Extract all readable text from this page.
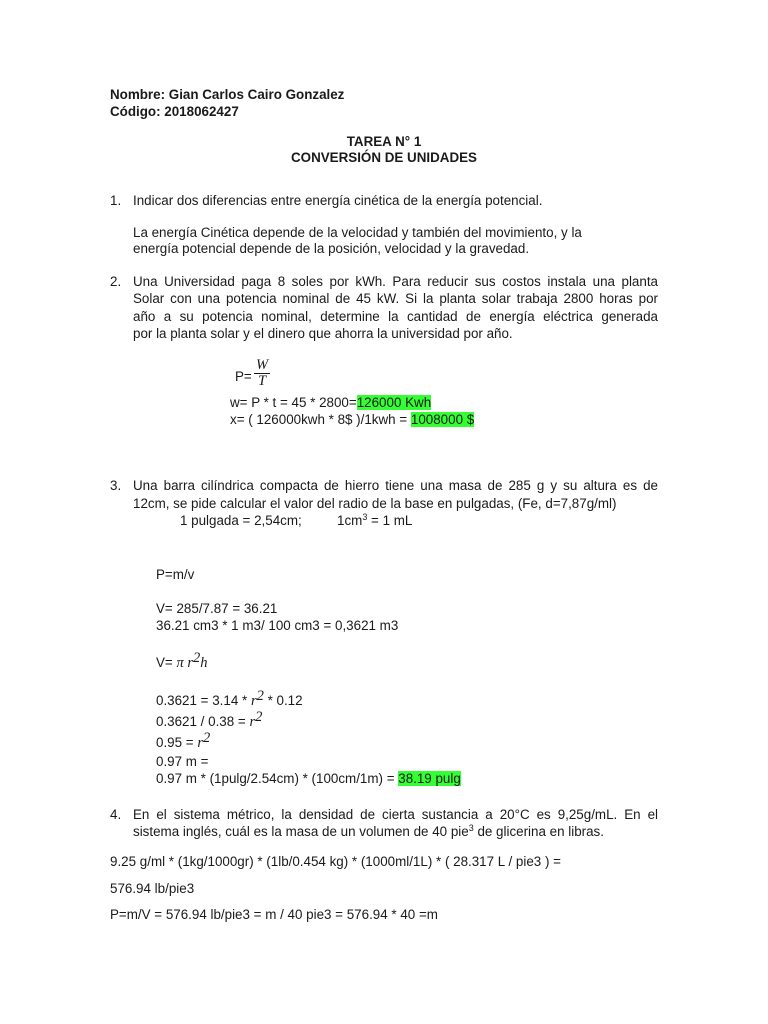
Nombre: Gian Carlos Cairo Gonzalez
Código: 2018062427
TAREA N° 1
CONVERSIÓN DE UNIDADES
1. Indicar dos diferencias entre energía cinética de la energía potencial.
La energía Cinética depende de la velocidad y también del movimiento, y la
energía potencial depende de la posición, velocidad y la gravedad.
2. Una Universidad paga 8 soles por kWh. Para reducir sus costos instala una planta
Solar con una potencia nominal de 45 kW. Si la planta solar trabaja 2800 horas por
año a su potencia nominal, determine la cantidad de energía eléctrica generada
por la planta solar y el dinero que ahorra la universidad por año.
$P= \frac{W}{T}$
w= P * t = 45 * 2800=126000 Kwh
x= ( 126000kwh * 8$ )/1kwh = 1008000 $
3. Una barra cilíndrica compacta de hierro tiene una masa de 285 g y su altura es de
12cm, se pide calcular el valor del radio de la base en pulgadas, (Fe, d=7,87g/ml)
1 pulgada = 2,54cm;	$1cm^3 = 1$ mL
P=m/v
V= 285/7.87 = 36.21
36.21 cm3 * 1 m3/ 100 cm3 = 0,3621 m3
V= π $r^2h$
$0.3621 = 3.14 * r^2 * 0.12$
$0.3621 / 0.38 = r^2$
$0.95 = r^2$
0.97 m =
0.97 m * (1pulg/2.54cm) * (100cm/1m) = 38.19 pulg
4. En el sistema métrico, la densidad de cierta sustancia a 20°C es 9,25g/mL. En el
sistema inglés, cuál es la masa de un volumen de 40 pie$^3$ de glicerina en libras.
9.25 g/ml * (1kg/1000gr) * (1lb/0.454 kg) * (1000ml/1L) * ( 28.317 L / pie3 ) =
576.94 lb/pie3
P=m/V = 576.94 lb/pie3 = m / 40 pie3 = 576.94 * 40 =m
